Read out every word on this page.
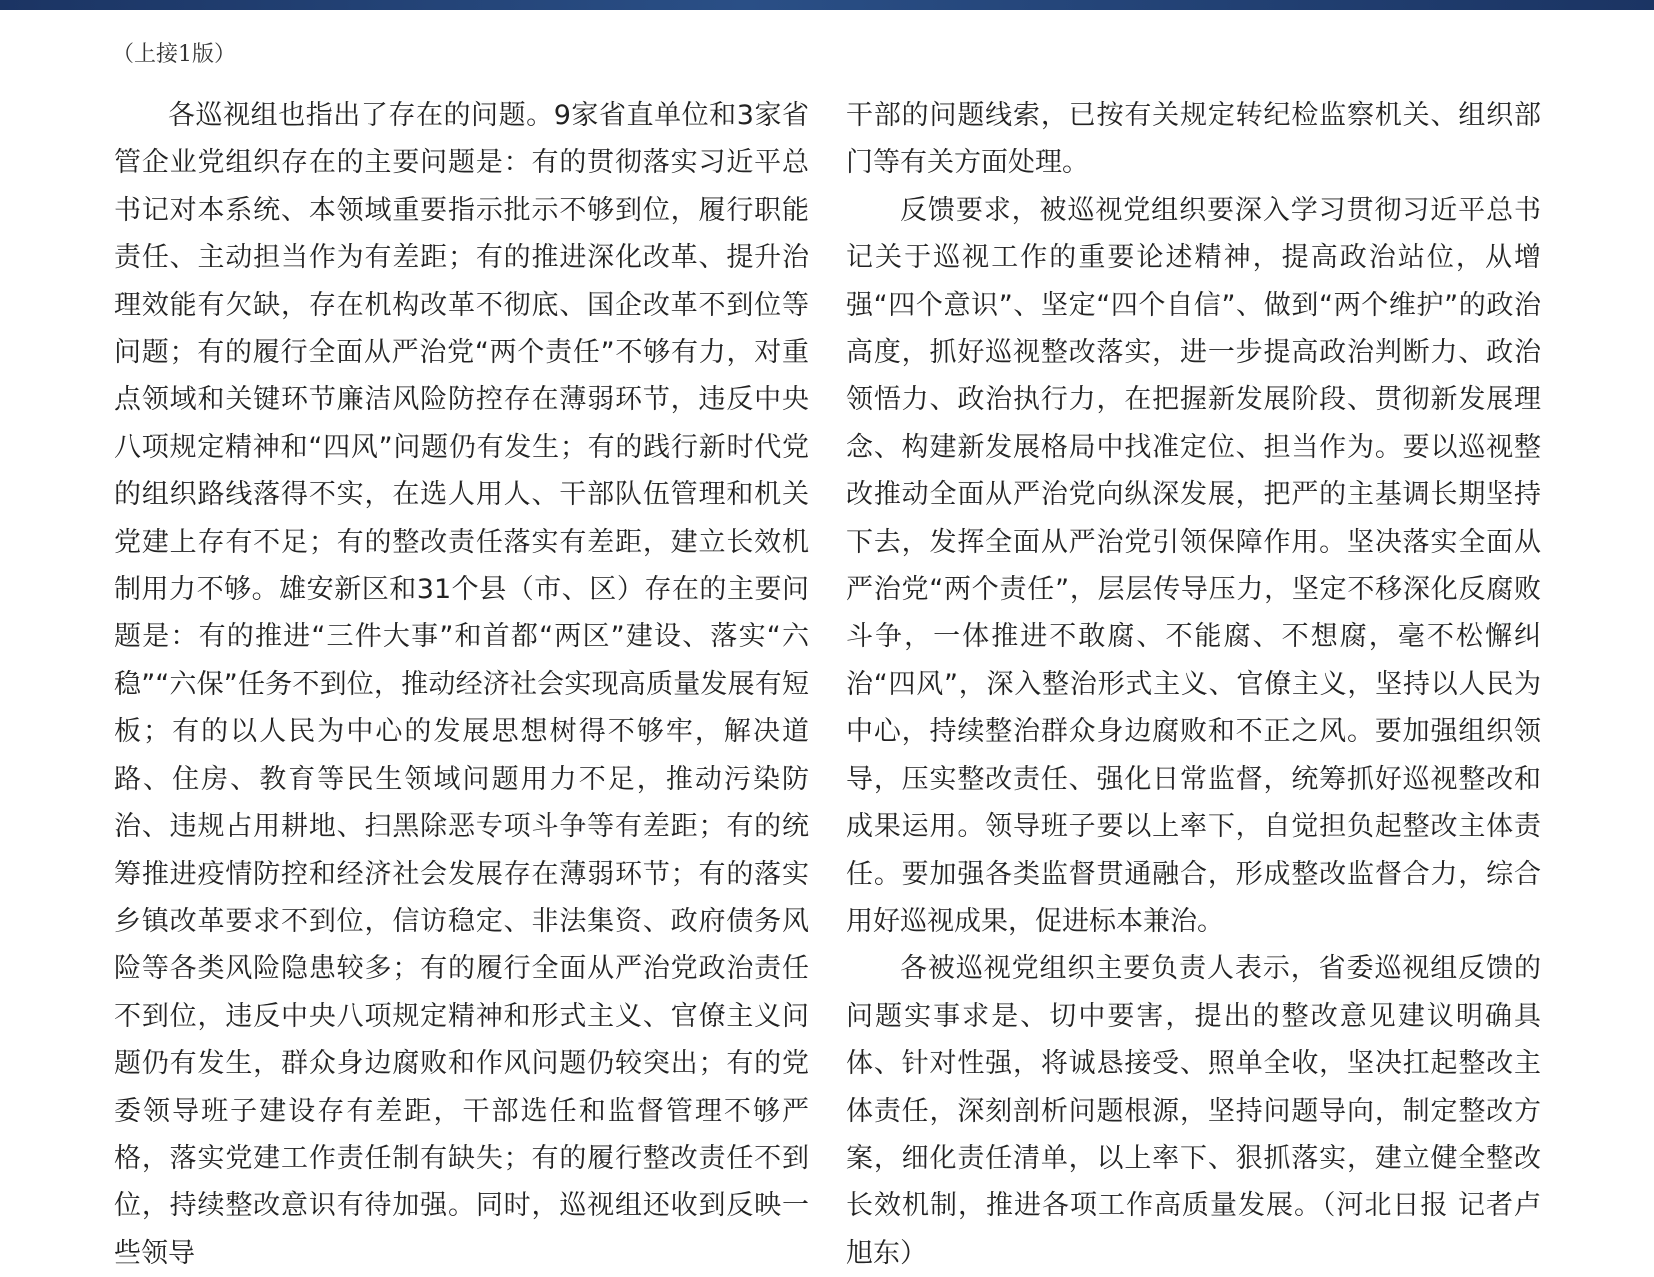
（上接1版）

各巡视组也指出了存在的问题。9家省直单位和3家省管企业党组织存在的主要问题是：有的贯彻落实习近平总书记对本系统、本领域重要指示批示不够到位，履行职能责任、主动担当作为有差距；有的推进深化改革、提升治理效能有欠缺，存在机构改革不彻底、国企改革不到位等问题；有的履行全面从严治党“两个责任”不够有力，对重点领域和关键环节廉洁风险防控存在薄弱环节，违反中央八项规定精神和“四风”问题仍有发生；有的践行新时代党的组织路线落得不实，在选人用人、干部队伍管理和机关党建上存有不足；有的整改责任落实有差距，建立长效机制用力不够。雄安新区和31个县（市、区）存在的主要问题是：有的推进“三件大事”和首都“两区”建设、落实“六稳”“六保”任务不到位，推动经济社会实现高质量发展有短板；有的以人民为中心的发展思想树得不够牢，解决道路、住房、教育等民生领域问题用力不足，推动污染防治、违规占用耕地、扫黑除恶专项斗争等有差距；有的统筹推进疫情防控和经济社会发展存在薄弱环节；有的落实乡镇改革要求不到位，信访稳定、非法集资、政府债务风险等各类风险隐患较多；有的履行全面从严治党政治责任不到位，违反中央八项规定精神和形式主义、官僚主义问题仍有发生，群众身边腐败和作风问题仍较突出；有的党委领导班子建设存有差距，干部选任和监督管理不够严格，落实党建工作责任制有缺失；有的履行整改责任不到位，持续整改意识有待加强。同时，巡视组还收到反映一些领导

干部的问题线索，已按有关规定转纪检监察机关、组织部门等有关方面处理。

反馈要求，被巡视党组织要深入学习贯彻习近平总书记关于巡视工作的重要论述精神，提高政治站位，从增强“四个意识”、坚定“四个自信”、做到“两个维护”的政治高度，抓好巡视整改落实，进一步提高政治判断力、政治领悟力、政治执行力，在把握新发展阶段、贯彻新发展理念、构建新发展格局中找准定位、担当作为。要以巡视整改推动全面从严治党向纵深发展，把严的主基调长期坚持下去，发挥全面从严治党引领保障作用。坚决落实全面从严治党“两个责任”，层层传导压力，坚定不移深化反腐败斗争，一体推进不敢腐、不能腐、不想腐，毫不松懈纠治“四风”，深入整治形式主义、官僚主义，坚持以人民为中心，持续整治群众身边腐败和不正之风。要加强组织领导，压实整改责任、强化日常监督，统筹抓好巡视整改和成果运用。领导班子要以上率下，自觉担负起整改主体责任。要加强各类监督贯通融合，形成整改监督合力，综合用好巡视成果，促进标本兼治。

各被巡视党组织主要负责人表示，省委巡视组反馈的问题实事求是、切中要害，提出的整改意见建议明确具体、针对性强，将诚恳接受、照单全收，坚决扛起整改主体责任，深刻剖析问题根源，坚持问题导向，制定整改方案，细化责任清单，以上率下、狠抓落实，建立健全整改长效机制，推进各项工作高质量发展。（河北日报 记者卢旭东）
